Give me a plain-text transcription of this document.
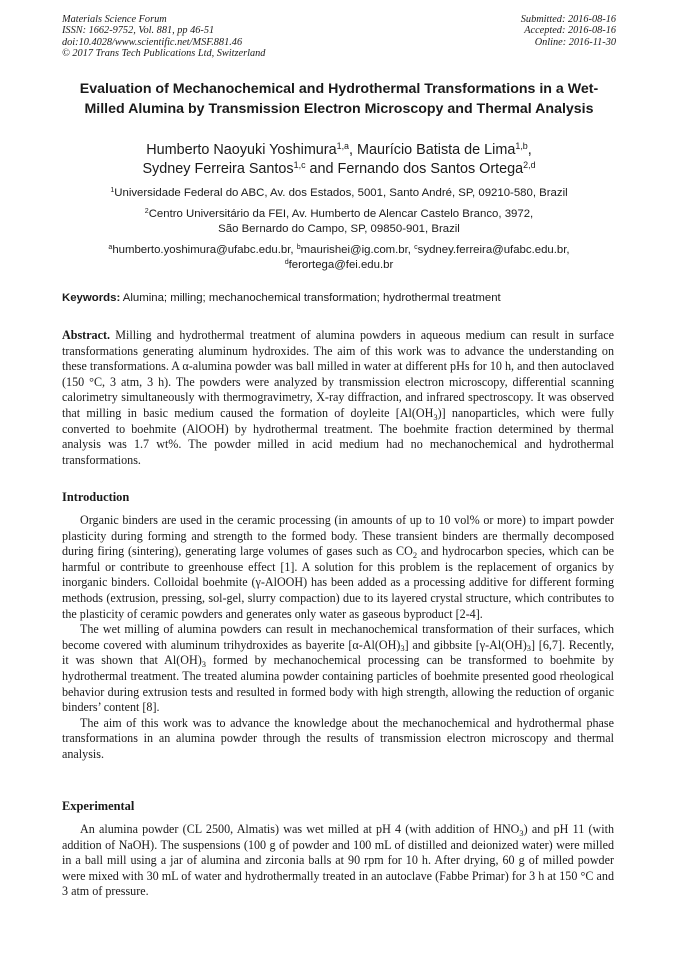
Materials Science Forum
ISSN: 1662-9752, Vol. 881, pp 46-51
doi:10.4028/www.scientific.net/MSF.881.46
© 2017 Trans Tech Publications Ltd, Switzerland
Submitted: 2016-08-16
Accepted: 2016-08-16
Online: 2016-11-30
Evaluation of Mechanochemical and Hydrothermal Transformations in a Wet-Milled Alumina by Transmission Electron Microscopy and Thermal Analysis
Humberto Naoyuki Yoshimura$^{1,a}$, Maurício Batista de Lima$^{1,b}$,
Sydney Ferreira Santos$^{1,c}$ and Fernando dos Santos Ortega$^{2,d}$
$^1$Universidade Federal do ABC, Av. dos Estados, 5001, Santo André, SP, 09210-580, Brazil
$^2$Centro Universitário da FEI, Av. Humberto de Alencar Castelo Branco, 3972,
São Bernardo do Campo, SP, 09850-901, Brazil
$^a$humberto.yoshimura@ufabc.edu.br, $^b$maurishei@ig.com.br, $^c$sydney.ferreira@ufabc.edu.br,
$^d$ferortega@fei.edu.br
Keywords: Alumina; milling; mechanochemical transformation; hydrothermal treatment

Abstract. Milling and hydrothermal treatment of alumina powders in aqueous medium can result in surface transformations generating aluminum hydroxides. The aim of this work was to advance the understanding on these transformations. A α-alumina powder was ball milled in water at different pHs for 10 h, and then autoclaved (150 °C, 3 atm, 3 h). The powders were analyzed by transmission electron microscopy, differential scanning calorimetry simultaneously with thermogravimetry, X-ray diffraction, and infrared spectroscopy. It was observed that milling in basic medium caused the formation of doyleite $[Al(OH_3)]$ nanoparticles, which were fully converted to boehmite (AlOOH) by hydrothermal treatment. The boehmite fraction determined by thermal analysis was 1.7 wt%. The powder milled in acid medium had no mechanochemical and hydrothermal transformations.

Introduction

Organic binders are used in the ceramic processing (in amounts of up to 10 vol% or more) to impart powder plasticity during forming and strength to the formed body. These transient binders are thermally decomposed during firing (sintering), generating large volumes of gases such as $CO_2$ and hydrocarbon species, which can be harmful or contribute to greenhouse effect [1]. A solution for this problem is the replacement of organics by inorganic binders. Colloidal boehmite (γ-AlOOH) has been added as a processing additive for different forming methods (extrusion, pressing, sol-gel, slurry compaction) due to its layered crystal structure, which contributes to the plasticity of ceramic powders and generates only water as gaseous byproduct [2-4].

The wet milling of alumina powders can result in mechanochemical transformation of their surfaces, which become covered with aluminum trihydroxides as bayerite $[\alpha-Al(OH)_3]$ and gibbsite $[\gamma-Al(OH)_3]$ [6,7]. Recently, it was shown that $Al(OH)_3$ formed by mechanochemical processing can be transformed to boehmite by hydrothermal treatment. The treated alumina powder containing particles of boehmite presented good rheological behavior during extrusion tests and resulted in formed body with high strength, allowing the reduction of organic binders’ content [8].

The aim of this work was to advance the knowledge about the mechanochemical and hydrothermal phase transformations in an alumina powder through the results of transmission electron microscopy and thermal analysis.

Experimental

An alumina powder (CL 2500, Almatis) was wet milled at pH 4 (with addition of $HNO_3$) and pH 11 (with addition of NaOH). The suspensions (100 g of powder and 100 mL of distilled and deionized water) were milled in a ball mill using a jar of alumina and zirconia balls at 90 rpm for 10 h. After drying, 60 g of milled powder were mixed with 30 mL of water and hydrothermally treated in an autoclave (Fabbe Primar) for 3 h at 150 °C and 3 atm of pressure.
